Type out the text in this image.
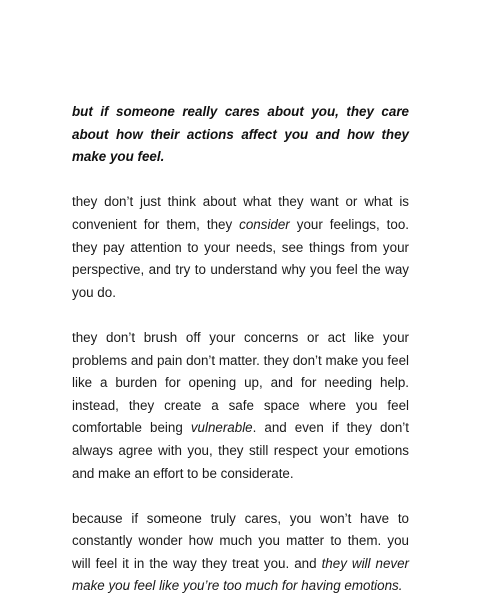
but if someone really cares about you, they care about how their actions affect you and how they make you feel.

they don’t just think about what they want or what is convenient for them, they consider your feelings, too. they pay attention to your needs, see things from your perspective, and try to understand why you feel the way you do.

they don’t brush off your concerns or act like your problems and pain don’t matter. they don’t make you feel like a burden for opening up, and for needing help. instead, they create a safe space where you feel comfortable being vulnerable. and even if they don’t always agree with you, they still respect your emotions and make an effort to be considerate.

because if someone truly cares, you won’t have to constantly wonder how much you matter to them. you will feel it in the way they treat you. and they will never make you feel like you’re too much for having emotions.
